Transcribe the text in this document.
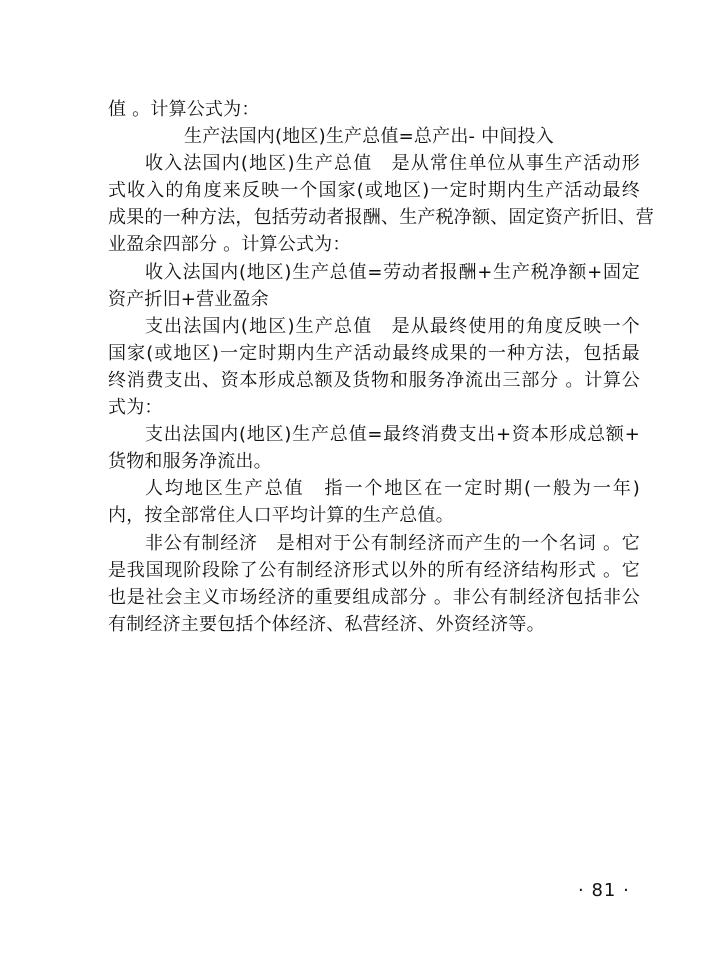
值 。计算公式为：
生产法国内(地区)生产总值=总产出- 中间投入
收入法国内(地区)生产总值　是从常住单位从事生产活动形
式收入的角度来反映一个国家(或地区)一定时期内生产活动最终
成果的一种方法，包括劳动者报酬、生产税净额、固定资产折旧、营
业盈余四部分 。计算公式为：
收入法国内(地区)生产总值=劳动者报酬+生产税净额+固定
资产折旧+营业盈余
支出法国内(地区)生产总值　是从最终使用的角度反映一个
国家(或地区)一定时期内生产活动最终成果的一种方法，包括最
终消费支出、资本形成总额及货物和服务净流出三部分 。计算公
式为：
支出法国内(地区)生产总值=最终消费支出+资本形成总额+
货物和服务净流出。
人均地区生产总值　指一个地区在一定时期(一般为一年)
内，按全部常住人口平均计算的生产总值。
非公有制经济　是相对于公有制经济而产生的一个名词 。它
是我国现阶段除了公有制经济形式以外的所有经济结构形式 。它
也是社会主义市场经济的重要组成部分 。非公有制经济包括非公
有制经济主要包括个体经济、私营经济、外资经济等。
· 81 ·
